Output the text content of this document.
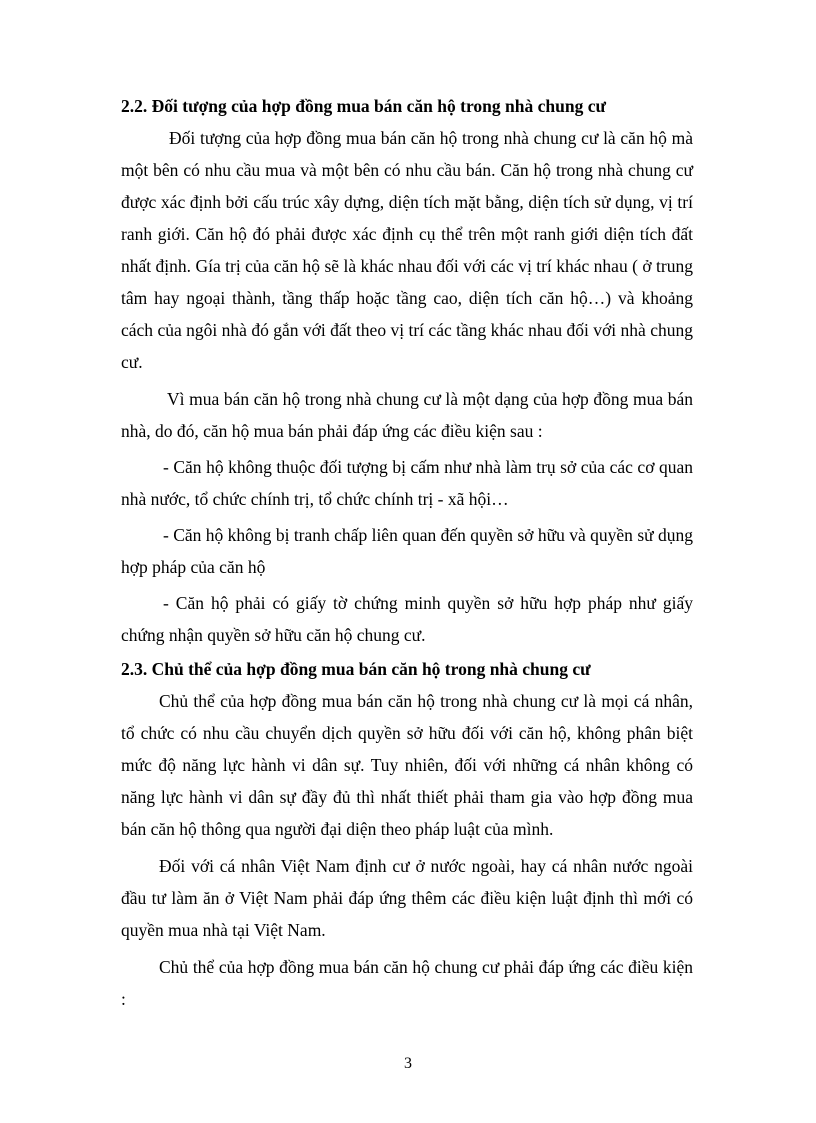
2.2. Đối tượng của hợp đồng mua bán căn hộ trong nhà chung cư

Đối tượng của hợp đồng mua bán căn hộ trong nhà chung cư là căn hộ mà một bên có nhu cầu mua và một bên có nhu cầu bán. Căn hộ trong nhà chung cư được xác định bởi cấu trúc xây dựng, diện tích mặt bằng, diện tích sử dụng, vị trí ranh giới. Căn hộ đó phải được xác định cụ thể trên một ranh giới diện tích đất nhất định. Gía trị của căn hộ sẽ là khác nhau đối với các vị trí khác nhau ( ở trung tâm hay ngoại thành, tầng thấp hoặc tầng cao, diện tích căn hộ…) và khoảng cách của ngôi nhà đó gắn với đất theo vị trí các tầng khác nhau đối với nhà chung cư.

Vì mua bán căn hộ trong nhà chung cư là một dạng của hợp đồng mua bán nhà, do đó, căn hộ mua bán phải đáp ứng các điều kiện sau :

- Căn hộ không thuộc đối tượng bị cấm như nhà làm trụ sở của các cơ quan nhà nước, tổ chức chính trị, tổ chức chính trị - xã hội…

- Căn hộ không bị tranh chấp liên quan đến quyền sở hữu và quyền sử dụng hợp pháp của căn hộ

- Căn hộ phải có giấy tờ chứng minh quyền sở hữu hợp pháp như giấy chứng nhận quyền sở hữu căn hộ chung cư.

2.3. Chủ thể của hợp đồng mua bán căn hộ trong nhà chung cư

Chủ thể của hợp đồng mua bán căn hộ trong nhà chung cư là mọi cá nhân, tổ chức có nhu cầu chuyển dịch quyền sở hữu đối với căn hộ, không phân biệt mức độ năng lực hành vi dân sự. Tuy nhiên, đối với những cá nhân không có năng lực hành vi dân sự đầy đủ thì nhất thiết phải tham gia vào hợp đồng mua bán căn hộ thông qua người đại diện theo pháp luật của mình.

Đối với cá nhân Việt Nam định cư ở nước ngoài, hay cá nhân nước ngoài đầu tư làm ăn ở Việt Nam phải đáp ứng thêm các điều kiện luật định thì mới có quyền mua nhà tại Việt Nam.

Chủ thể của hợp đồng mua bán căn hộ chung cư phải đáp ứng các điều kiện :

3
